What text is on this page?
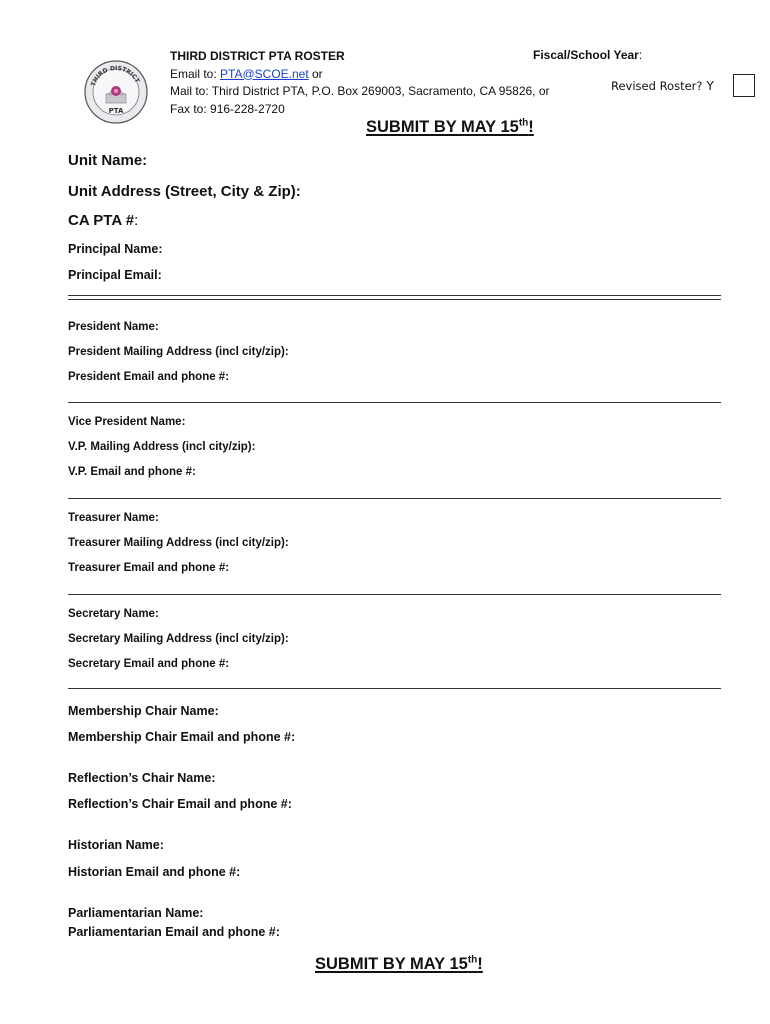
THIRD DISTRICT
PTA
THIRD DISTRICT PTA ROSTER
Email to: PTA@SCOE.net or
Mail to: Third District PTA, P.O. Box 269003, Sacramento, CA 95826, or
Fax to: 916-228-2720
Fiscal/School Year:
Revised Roster? Y
SUBMIT BY MAY 15th!
Unit Name:
Unit Address (Street, City & Zip):
CA PTA #:
Principal Name:
Principal Email:
President Name:
President Mailing Address (incl city/zip):
President Email and phone #:
Vice President Name:
V.P. Mailing Address (incl city/zip):
V.P. Email and phone #:
Treasurer Name:
Treasurer Mailing Address (incl city/zip):
Treasurer Email and phone #:
Secretary Name:
Secretary Mailing Address (incl city/zip):
Secretary Email and phone #:
Membership Chair Name:
Membership Chair Email and phone #:
Reflection’s Chair Name:
Reflection’s Chair Email and phone #:
Historian Name:
Historian Email and phone #:
Parliamentarian Name:
Parliamentarian Email and phone #:
SUBMIT BY MAY 15th!
